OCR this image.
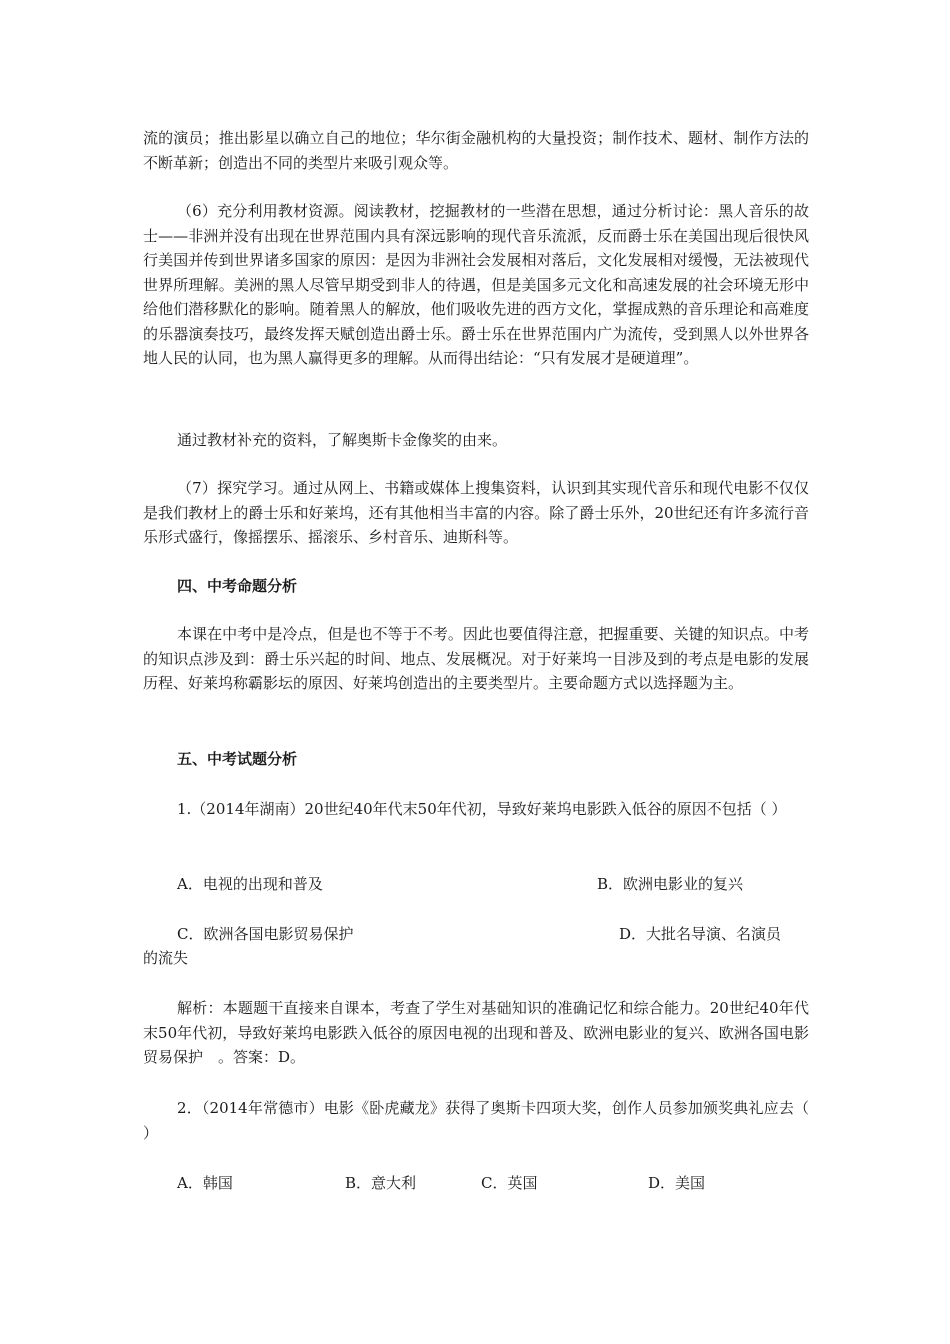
流的演员；推出影星以确立自己的地位；华尔街金融机构的大量投资；制作技术、题材、制作方法的不断革新；创造出不同的类型片来吸引观众等。

（6）充分利用教材资源。阅读教材，挖掘教材的一些潜在思想，通过分析讨论：黑人音乐的故士——非洲并没有出现在世界范围内具有深远影响的现代音乐流派，反而爵士乐在美国出现后很快风行美国并传到世界诸多国家的原因：是因为非洲社会发展相对落后，文化发展相对缓慢，无法被现代世界所理解。美洲的黑人尽管早期受到非人的待遇，但是美国多元文化和高速发展的社会环境无形中给他们潜移默化的影响。随着黑人的解放，他们吸收先进的西方文化，掌握成熟的音乐理论和高难度的乐器演奏技巧，最终发挥天赋创造出爵士乐。爵士乐在世界范围内广为流传，受到黑人以外世界各地人民的认同，也为黑人赢得更多的理解。从而得出结论：“只有发展才是硬道理”。

通过教材补充的资料，了解奥斯卡金像奖的由来。

（7）探究学习。通过从网上、书籍或媒体上搜集资料，认识到其实现代音乐和现代电影不仅仅是我们教材上的爵士乐和好莱坞，还有其他相当丰富的内容。除了爵士乐外，20世纪还有许多流行音乐形式盛行，像摇摆乐、摇滚乐、乡村音乐、迪斯科等。

四、中考命题分析

本课在中考中是冷点，但是也不等于不考。因此也要值得注意，把握重要、关键的知识点。中考的知识点涉及到：爵士乐兴起的时间、地点、发展概况。对于好莱坞一目涉及到的考点是电影的发展历程、好莱坞称霸影坛的原因、好莱坞创造出的主要类型片。主要命题方式以选择题为主。

五、中考试题分析

1.（2014年湖南）20世纪40年代末50年代初，导致好莱坞电影跌入低谷的原因不包括（ ）

A．电视的出现和普及	B．欧洲电影业的复兴
C．欧洲各国电影贸易保护	D．大批名导演、名演员
的流失

解析：本题题干直接来自课本，考查了学生对基础知识的准确记忆和综合能力。20世纪40年代末50年代初，导致好莱坞电影跌入低谷的原因电视的出现和普及、欧洲电影业的复兴、欧洲各国电影贸易保护　。答案：D。

2．（2014年常德市）电影《卧虎藏龙》获得了奥斯卡四项大奖，创作人员参加颁奖典礼应去（ ）

A．韩国	B．意大利	C．英国	D．美国
